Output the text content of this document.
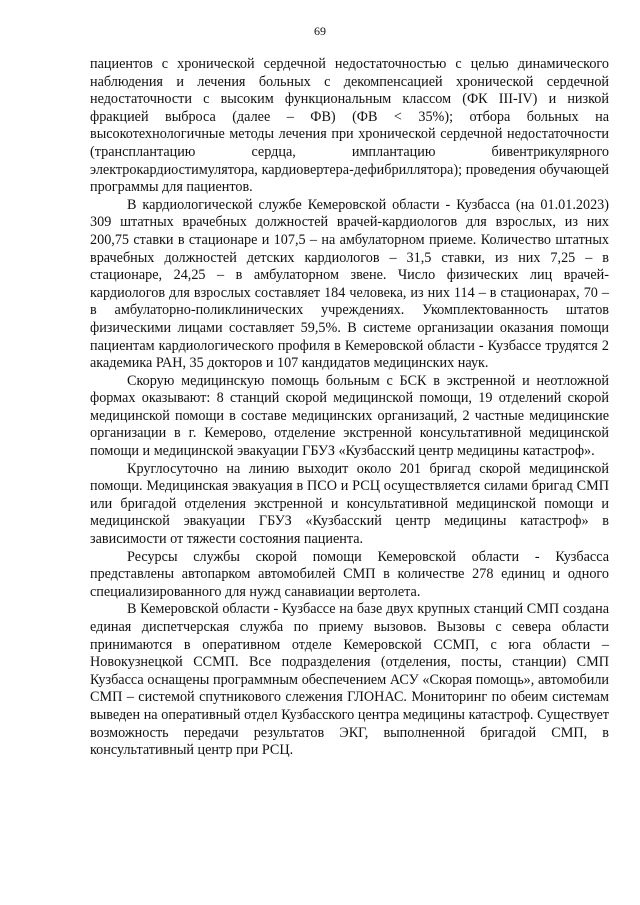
69

пациентов с хронической сердечной недостаточностью с целью динамического наблюдения и лечения больных с декомпенсацией хронической сердечной недостаточности с высоким функциональным классом (ФК III-IV) и низкой фракцией выброса (далее – ФВ) (ФВ < 35%); отбора больных на высокотехнологичные методы лечения при хронической сердечной недостаточности (трансплантацию сердца, имплантацию бивентрикулярного электрокардиостимулятора, кардиовертера-дефибриллятора); проведения обучающей программы для пациентов.

В кардиологической службе Кемеровской области - Кузбасса (на 01.01.2023) 309 штатных врачебных должностей врачей-кардиологов для взрослых, из них 200,75 ставки в стационаре и 107,5 – на амбулаторном приеме. Количество штатных врачебных должностей детских кардиологов – 31,5 ставки, из них 7,25 – в стационаре, 24,25 – в амбулаторном звене. Число физических лиц врачей-кардиологов для взрослых составляет 184 человека, из них 114 – в стационарах, 70 – в амбулаторно-поликлинических учреждениях. Укомплектованность штатов физическими лицами составляет 59,5%. В системе организации оказания помощи пациентам кардиологического профиля в Кемеровской области - Кузбассе трудятся 2 академика РАН, 35 докторов и 107 кандидатов медицинских наук.

Скорую медицинскую помощь больным с БСК в экстренной и неотложной формах оказывают: 8 станций скорой медицинской помощи, 19 отделений скорой медицинской помощи в составе медицинских организаций, 2 частные медицинские организации в г. Кемерово, отделение экстренной консультативной медицинской помощи и медицинской эвакуации ГБУЗ «Кузбасский центр медицины катастроф».

Круглосуточно на линию выходит около 201 бригад скорой медицинской помощи. Медицинская эвакуация в ПСО и РСЦ осуществляется силами бригад СМП или бригадой отделения экстренной и консультативной медицинской помощи и медицинской эвакуации ГБУЗ «Кузбасский центр медицины катастроф» в зависимости от тяжести состояния пациента.

Ресурсы службы скорой помощи Кемеровской области - Кузбасса представлены автопарком автомобилей СМП в количестве 278 единиц и одного специализированного для нужд санавиации вертолета.

В Кемеровской области - Кузбассе на базе двух крупных станций СМП создана единая диспетчерская служба по приему вызовов. Вызовы с севера области принимаются в оперативном отделе Кемеровской ССМП, с юга области – Новокузнецкой ССМП. Все подразделения (отделения, посты, станции) СМП Кузбасса оснащены программным обеспечением АСУ «Скорая помощь», автомобили СМП – системой спутникового слежения ГЛОНАС. Мониторинг по обеим системам выведен на оперативный отдел Кузбасского центра медицины катастроф. Существует возможность передачи результатов ЭКГ, выполненной бригадой СМП, в консультативный центр при РСЦ.
